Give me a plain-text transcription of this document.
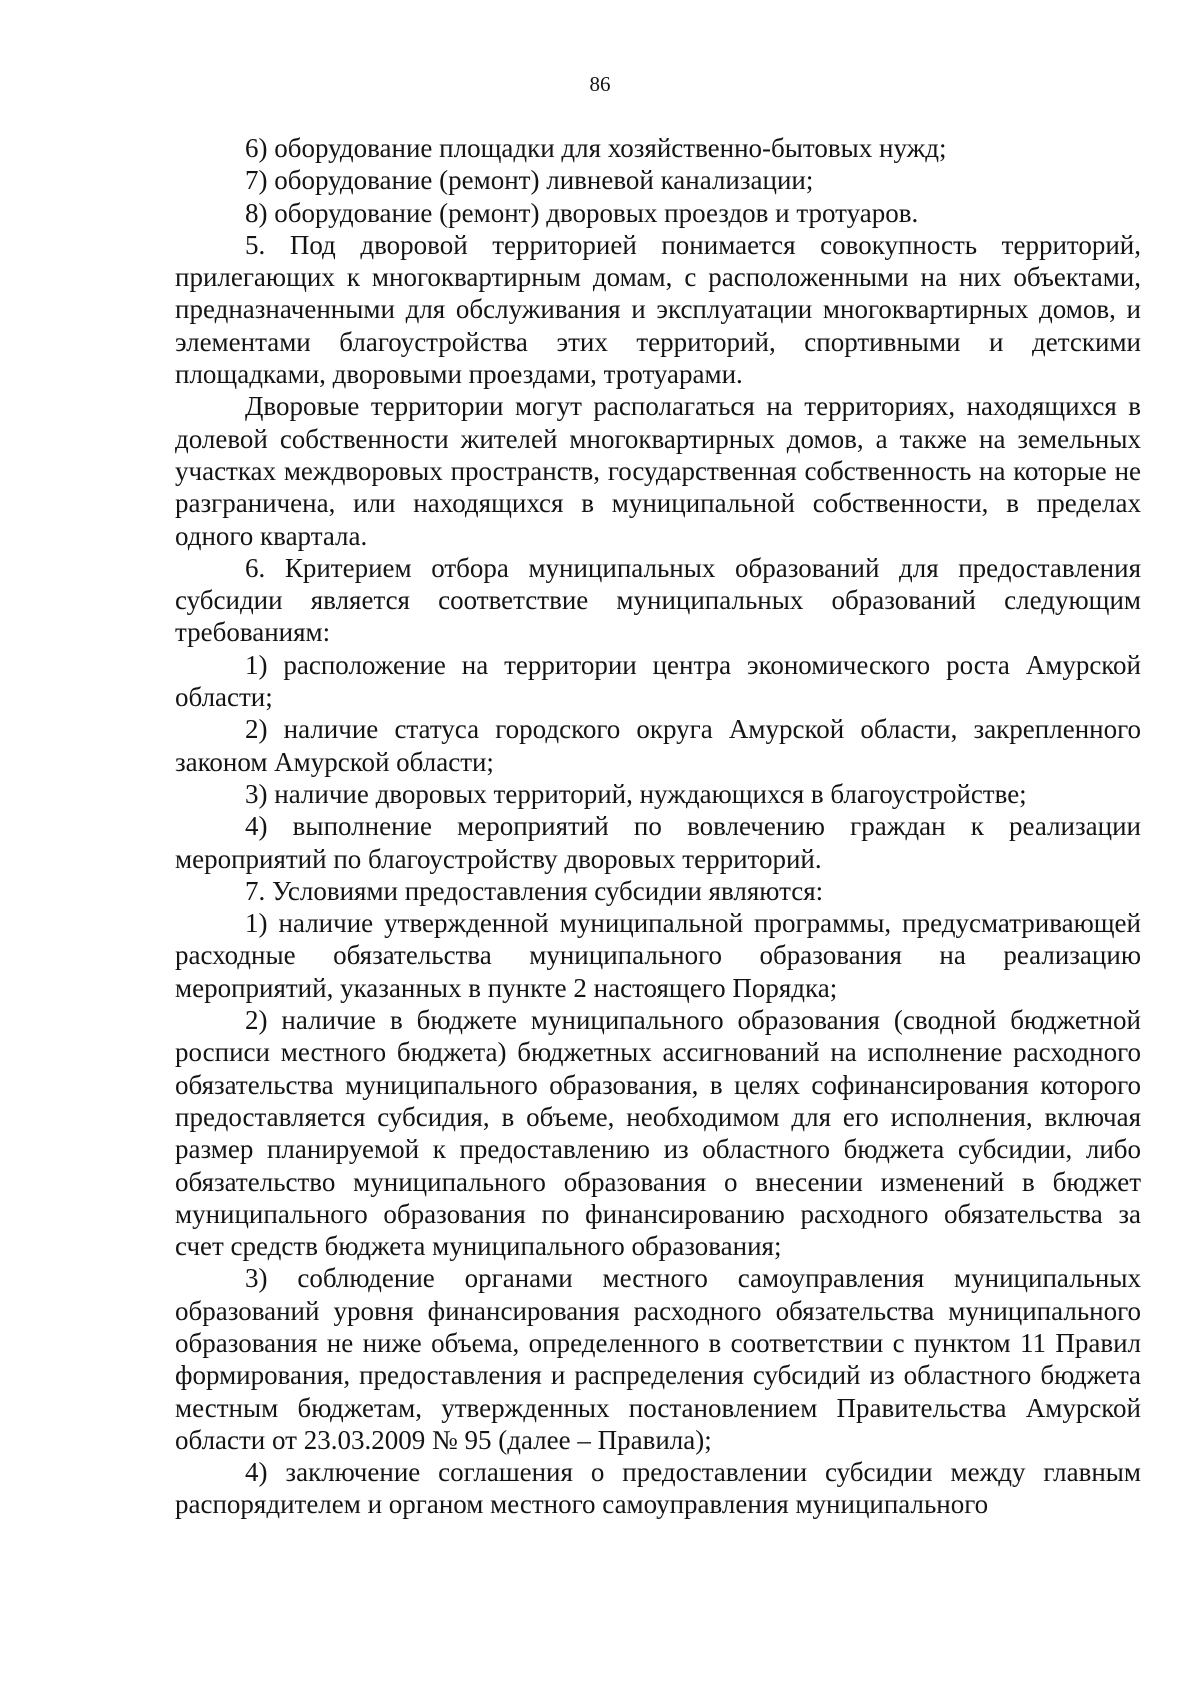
86

6) оборудование площадки для хозяйственно-бытовых нужд;

7) оборудование (ремонт) ливневой канализации;

8) оборудование (ремонт) дворовых проездов и тротуаров.

5. Под дворовой территорией понимается совокупность территорий, прилегающих к многоквартирным домам, с расположенными на них объектами, предназначенными для обслуживания и эксплуатации многоквартирных домов, и элементами благоустройства этих территорий, спортивными и детскими площадками, дворовыми проездами, тротуарами.

Дворовые территории могут располагаться на территориях, находящихся в долевой собственности жителей многоквартирных домов, а также на земельных участках междворовых пространств, государственная собственность на которые не разграничена, или находящихся в муниципальной собственности, в пределах одного квартала.

6. Критерием отбора муниципальных образований для предоставления субсидии является соответствие муниципальных образований следующим требованиям:

1) расположение на территории центра экономического роста Амурской области;

2) наличие статуса городского округа Амурской области, закрепленного законом Амурской области;

3) наличие дворовых территорий, нуждающихся в благоустройстве;

4) выполнение мероприятий по вовлечению граждан к реализации мероприятий по благоустройству дворовых территорий.

7. Условиями предоставления субсидии являются:

1) наличие утвержденной муниципальной программы, предусматривающей расходные обязательства муниципального образования на реализацию мероприятий, указанных в пункте 2 настоящего Порядка;

2) наличие в бюджете муниципального образования (сводной бюджетной росписи местного бюджета) бюджетных ассигнований на исполнение расходного обязательства муниципального образования, в целях софинансирования которого предоставляется субсидия, в объеме, необходимом для его исполнения, включая размер планируемой к предоставлению из областного бюджета субсидии, либо обязательство муниципального образования о внесении изменений в бюджет муниципального образования по финансированию расходного обязательства за счет средств бюджета муниципального образования;

3) соблюдение органами местного самоуправления муниципальных образований уровня финансирования расходного обязательства муниципального образования не ниже объема, определенного в соответствии с пунктом 11 Правил формирования, предоставления и распределения субсидий из областного бюджета местным бюджетам, утвержденных постановлением Правительства Амурской области от 23.03.2009 № 95 (далее – Правила);

4) заключение соглашения о предоставлении субсидии между главным распорядителем и органом местного самоуправления муниципального
